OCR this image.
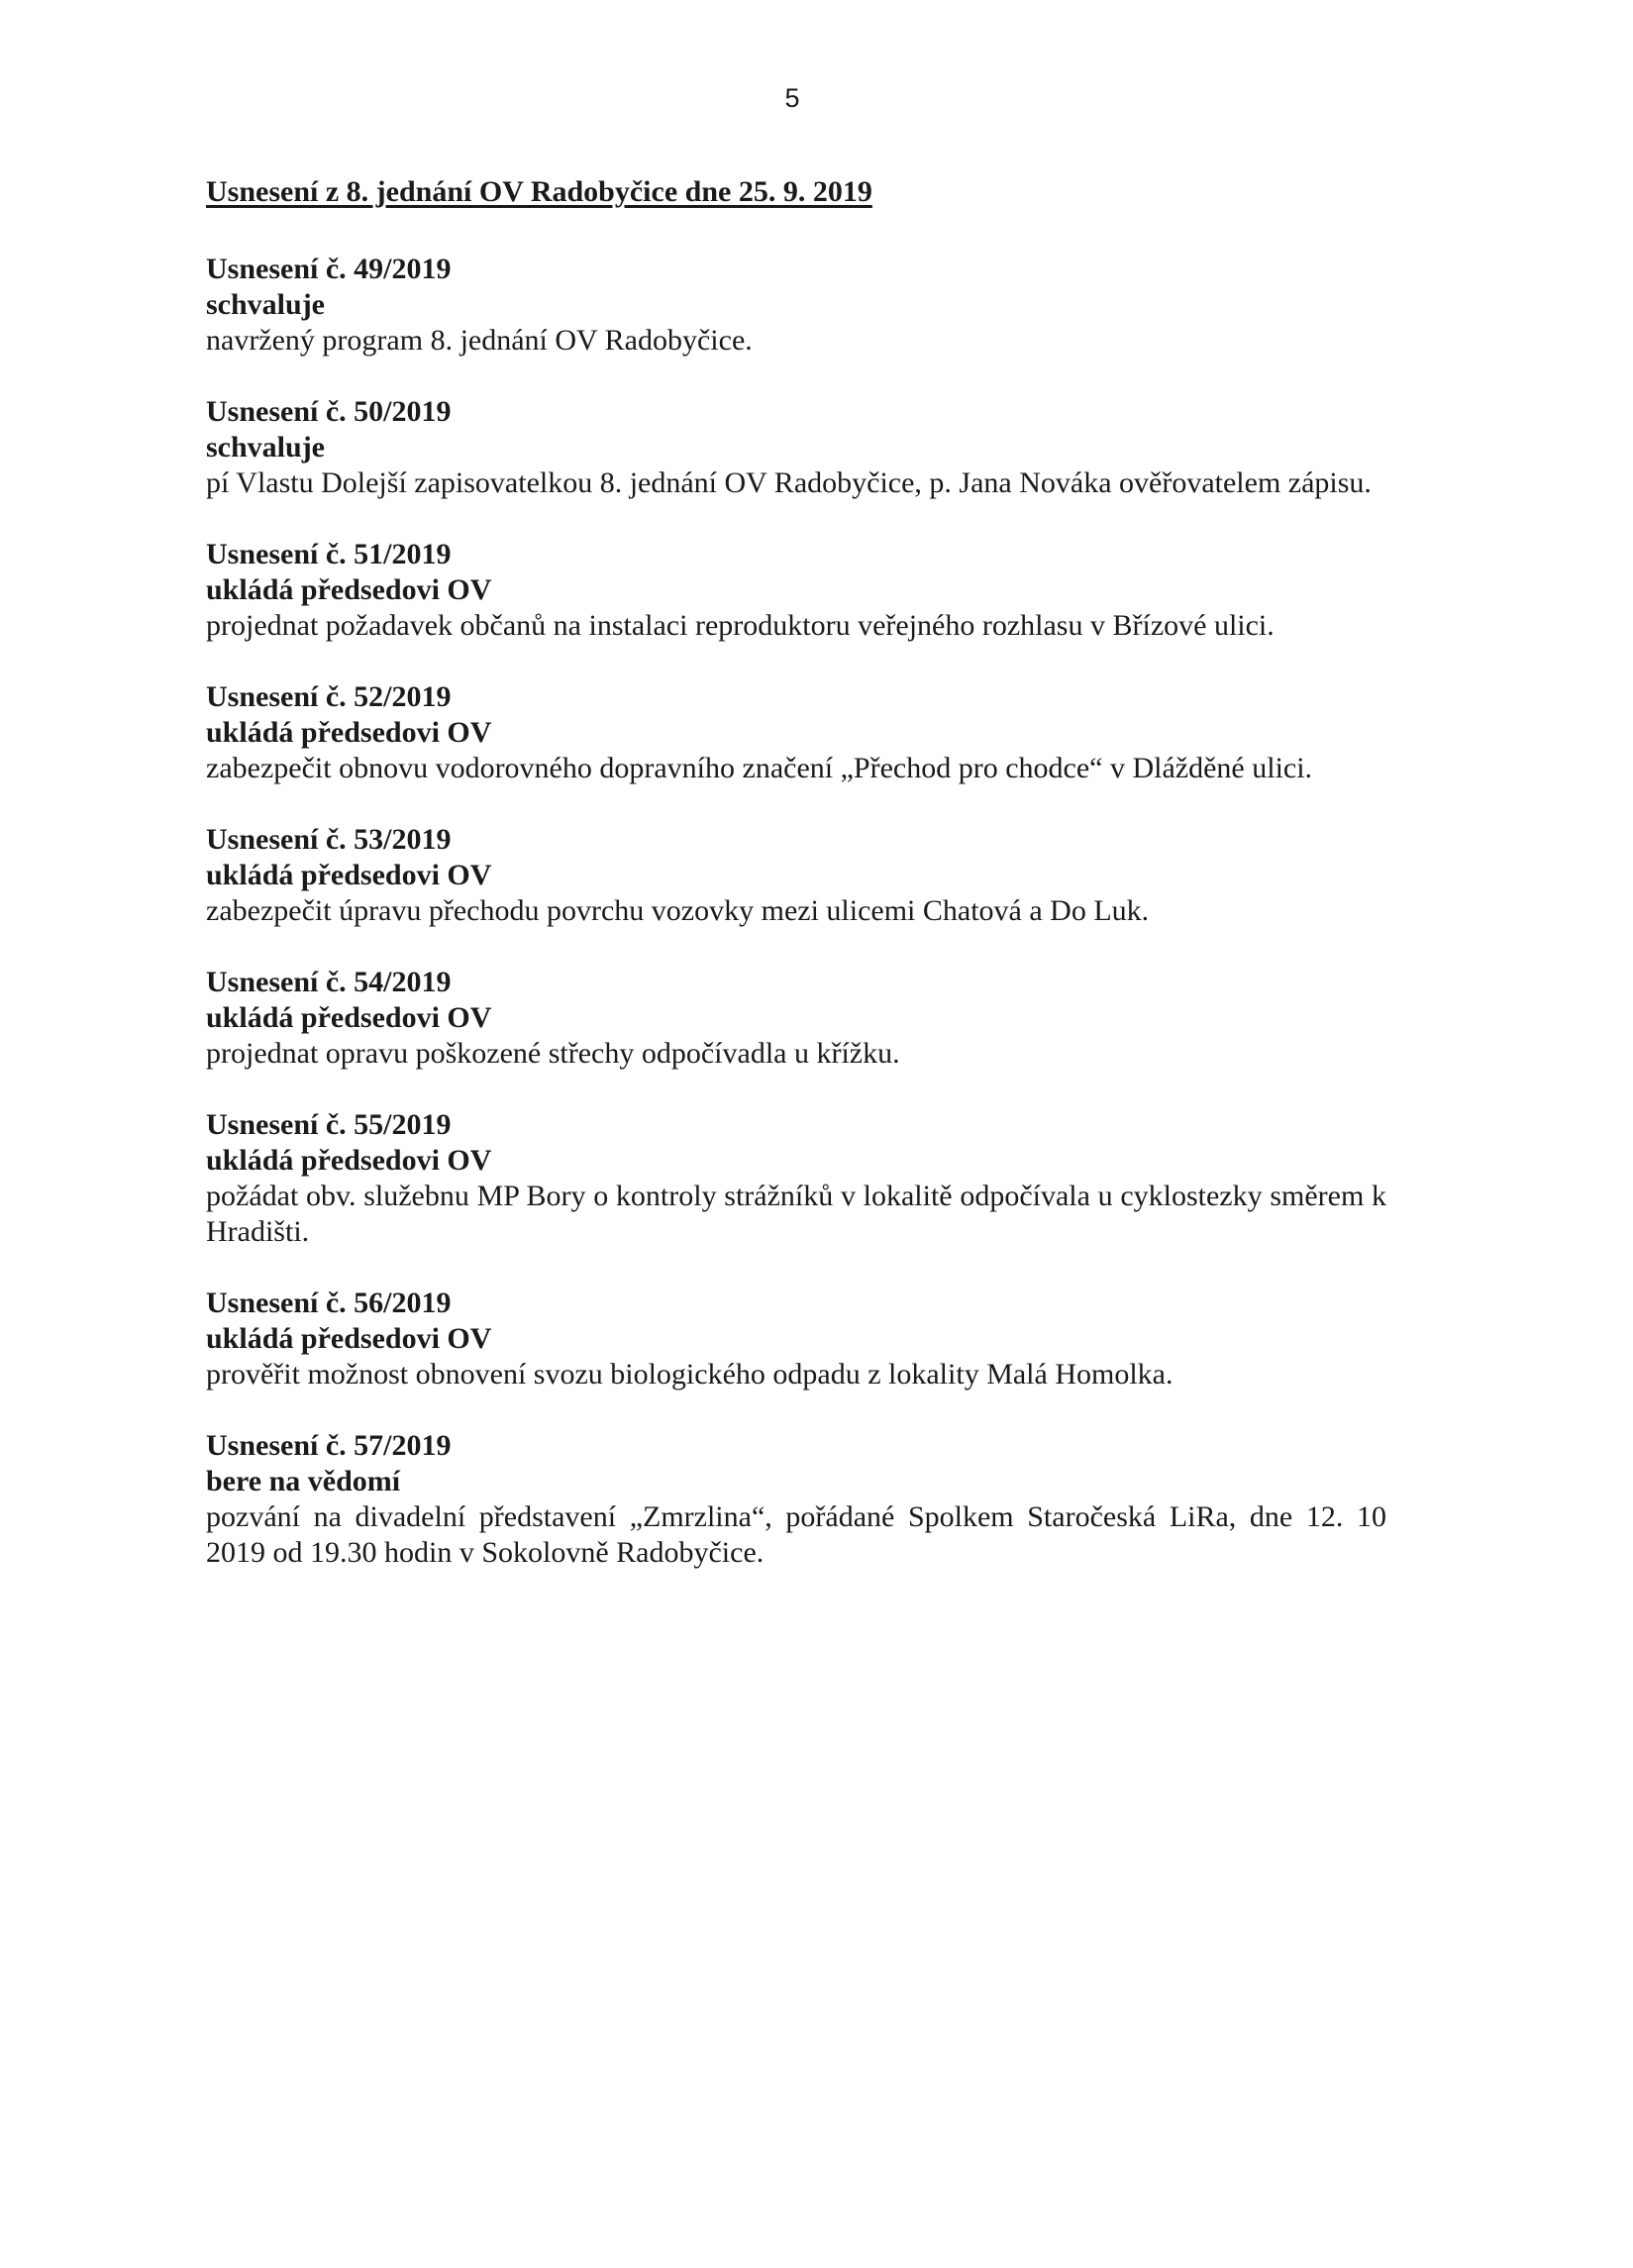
5
Usnesení z 8. jednání OV Radobyčice dne 25. 9. 2019
Usnesení č. 49/2019
schvaluje
navržený program 8. jednání OV Radobyčice.
Usnesení č. 50/2019
schvaluje
pí Vlastu Dolejší zapisovatelkou 8. jednání OV Radobyčice, p. Jana Nováka ověřovatelem zápisu.
Usnesení č. 51/2019
ukládá předsedovi OV
projednat požadavek občanů na instalaci reproduktoru veřejného rozhlasu v Břízové ulici.
Usnesení č. 52/2019
ukládá předsedovi OV
zabezpečit obnovu vodorovného dopravního značení „Přechod pro chodce“ v Dlážděné ulici.
Usnesení č. 53/2019
ukládá předsedovi OV
zabezpečit úpravu přechodu povrchu vozovky mezi ulicemi Chatová a Do Luk.
Usnesení č. 54/2019
ukládá předsedovi OV
projednat opravu poškozené střechy odpočívadla u křížku.
Usnesení č. 55/2019
ukládá předsedovi OV
požádat obv. služebnu MP Bory o kontroly strážníků v lokalitě odpočívala u cyklostezky směrem k Hradišti.
Usnesení č. 56/2019
ukládá předsedovi OV
prověřit možnost obnovení svozu biologického odpadu z lokality Malá Homolka.
Usnesení č. 57/2019
bere na vědomí
pozvání na divadelní představení „Zmrzlina“, pořádané Spolkem Staročeská LiRa, dne 12. 10 2019 od 19.30 hodin v Sokolovně Radobyčice.
